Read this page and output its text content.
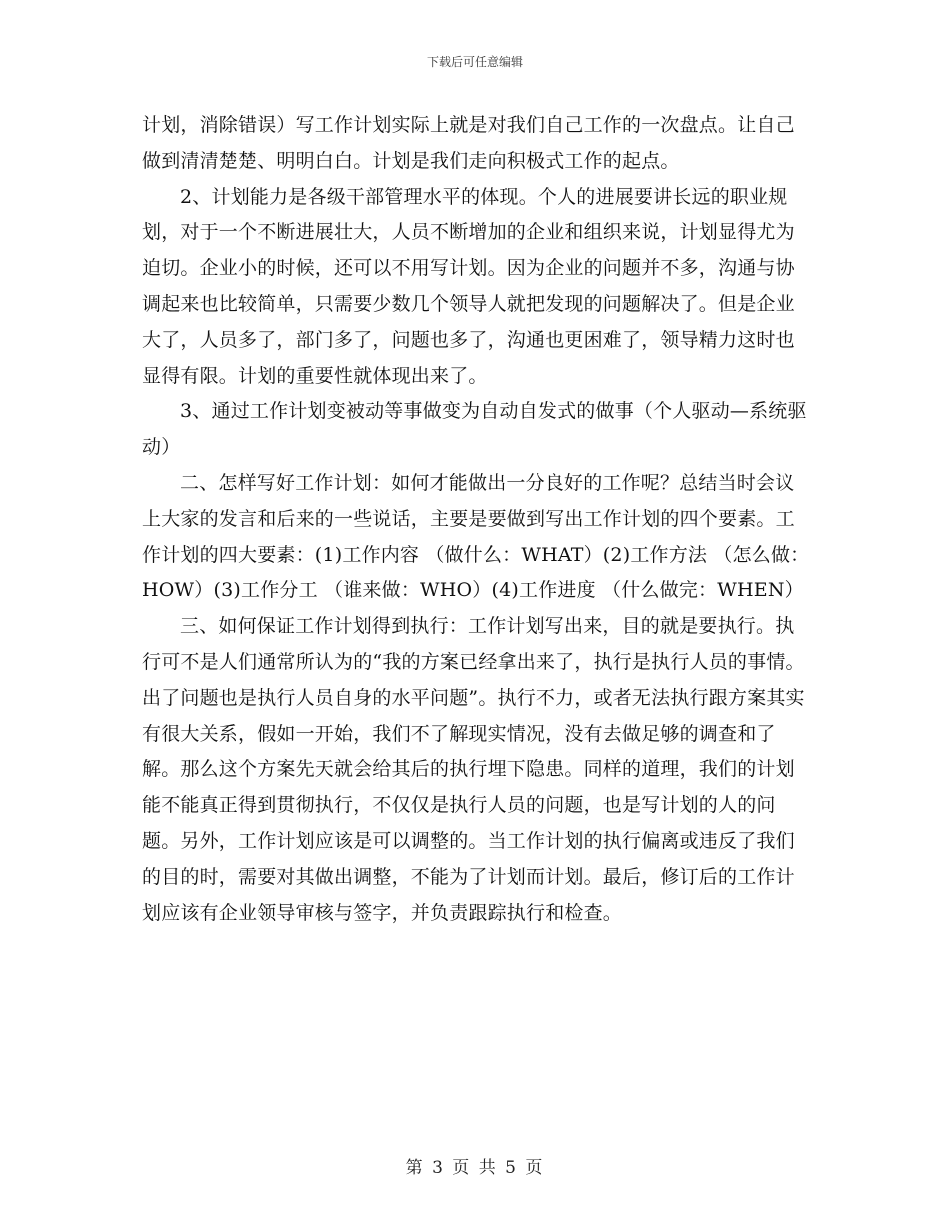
下载后可任意编辑

计划，消除错误）写工作计划实际上就是对我们自己工作的一次盘点。让自己做到清清楚楚、明明白白。计划是我们走向积极式工作的起点。

2、计划能力是各级干部管理水平的体现。个人的进展要讲长远的职业规划，对于一个不断进展壮大，人员不断增加的企业和组织来说，计划显得尤为迫切。企业小的时候，还可以不用写计划。因为企业的问题并不多，沟通与协调起来也比较简单，只需要少数几个领导人就把发现的问题解决了。但是企业大了，人员多了，部门多了，问题也多了，沟通也更困难了，领导精力这时也显得有限。计划的重要性就体现出来了。

3、通过工作计划变被动等事做变为自动自发式的做事（个人驱动—系统驱动）

二、怎样写好工作计划：如何才能做出一分良好的工作呢？总结当时会议上大家的发言和后来的一些说话，主要是要做到写出工作计划的四个要素。工作计划的四大要素：(1)工作内容 （做什么：WHAT）(2)工作方法 （怎么做：HOW）(3)工作分工 （谁来做：WHO）(4)工作进度 （什么做完：WHEN）

三、如何保证工作计划得到执行：工作计划写出来，目的就是要执行。执行可不是人们通常所认为的“我的方案已经拿出来了，执行是执行人员的事情。出了问题也是执行人员自身的水平问题”。执行不力，或者无法执行跟方案其实有很大关系，假如一开始，我们不了解现实情况，没有去做足够的调查和了解。那么这个方案先天就会给其后的执行埋下隐患。同样的道理，我们的计划能不能真正得到贯彻执行，不仅仅是执行人员的问题，也是写计划的人的问题。另外，工作计划应该是可以调整的。当工作计划的执行偏离或违反了我们的目的时，需要对其做出调整，不能为了计划而计划。最后，修订后的工作计划应该有企业领导审核与签字，并负责跟踪执行和检查。

第 3 页 共 5 页
